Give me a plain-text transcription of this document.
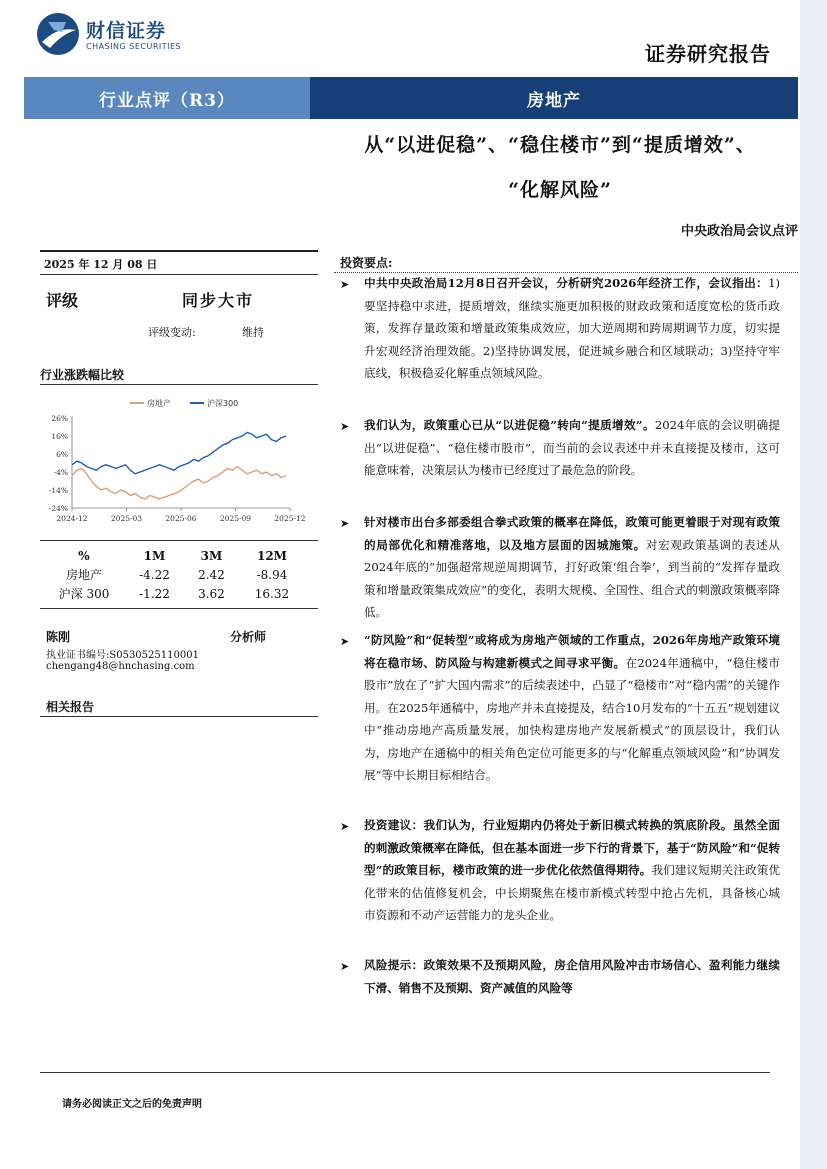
财信证券
CHASING SECURITIES	证券研究报告
行业点评（R3）	房地产
从“以进促稳”、“稳住楼市”到“提质增效”、
“化解风险”
中央政治局会议点评
2025 年 12 月 08 日
评级	同步大市
评级变动:	维持
行业涨跌幅比较
房地产	沪深300
26%
16%
6%
-4%
-14%
-24%
2024-12	2025-03	2025-06	2025-09	2025-12
%	1M	3M	12M
房地产	-4.22	2.42	-8.94
沪深 300	-1.22	3.62	16.32
陈刚	分析师
执业证书编号:S0530525110001
chengang48@hnchasing.com
相关报告
投资要点:
➤ 中共中央政治局12月8日召开会议，分析研究2026年经济工作，会议指出：1)要坚持稳中求进，提质增效，继续实施更加积极的财政政策和适度宽松的货币政策，发挥存量政策和增量政策集成效应，加大逆周期和跨周期调节力度，切实提升宏观经济治理效能。2)坚持协调发展，促进城乡融合和区域联动；3)坚持守牢底线，积极稳妥化解重点领域风险。
➤ 我们认为，政策重心已从“以进促稳”转向“提质增效”。2024年底的会议明确提出“以进促稳”、“稳住楼市股市”，而当前的会议表述中并未直接提及楼市，这可能意味着，决策层认为楼市已经度过了最危急的阶段。
➤ 针对楼市出台多部委组合拳式政策的概率在降低，政策可能更着眼于对现有政策的局部优化和精准落地，以及地方层面的因城施策。对宏观政策基调的表述从2024年底的“加强超常规逆周期调节，打好政策‘组合拳’，到当前的“发挥存量政策和增量政策集成效应”的变化，表明大规模、全国性、组合式的刺激政策概率降低。
➤ “防风险”和“促转型”或将成为房地产领域的工作重点，2026年房地产政策环境将在稳市场、防风险与构建新模式之间寻求平衡。在2024年通稿中，“稳住楼市股市”放在了“扩大国内需求”的后续表述中，凸显了“稳楼市”对“稳内需”的关键作用。在2025年通稿中，房地产并未直接提及，结合10月发布的“十五五”规划建议中“推动房地产高质量发展，加快构建房地产发展新模式”的顶层设计，我们认为，房地产在通稿中的相关角色定位可能更多的与“化解重点领域风险”和“协调发展”等中长期目标相结合。
➤ 投资建议：我们认为，行业短期内仍将处于新旧模式转换的筑底阶段。虽然全面的刺激政策概率在降低，但在基本面进一步下行的背景下，基于“防风险”和“促转型”的政策目标，楼市政策的进一步优化依然值得期待。我们建议短期关注政策优化带来的估值修复机会，中长期聚焦在楼市新模式转型中抢占先机，具备核心城市资源和不动产运营能力的龙头企业。
➤ 风险提示：政策效果不及预期风险，房企信用风险冲击市场信心、盈利能力继续下滑、销售不及预期、资产减值的风险等
请务必阅读正文之后的免责声明
